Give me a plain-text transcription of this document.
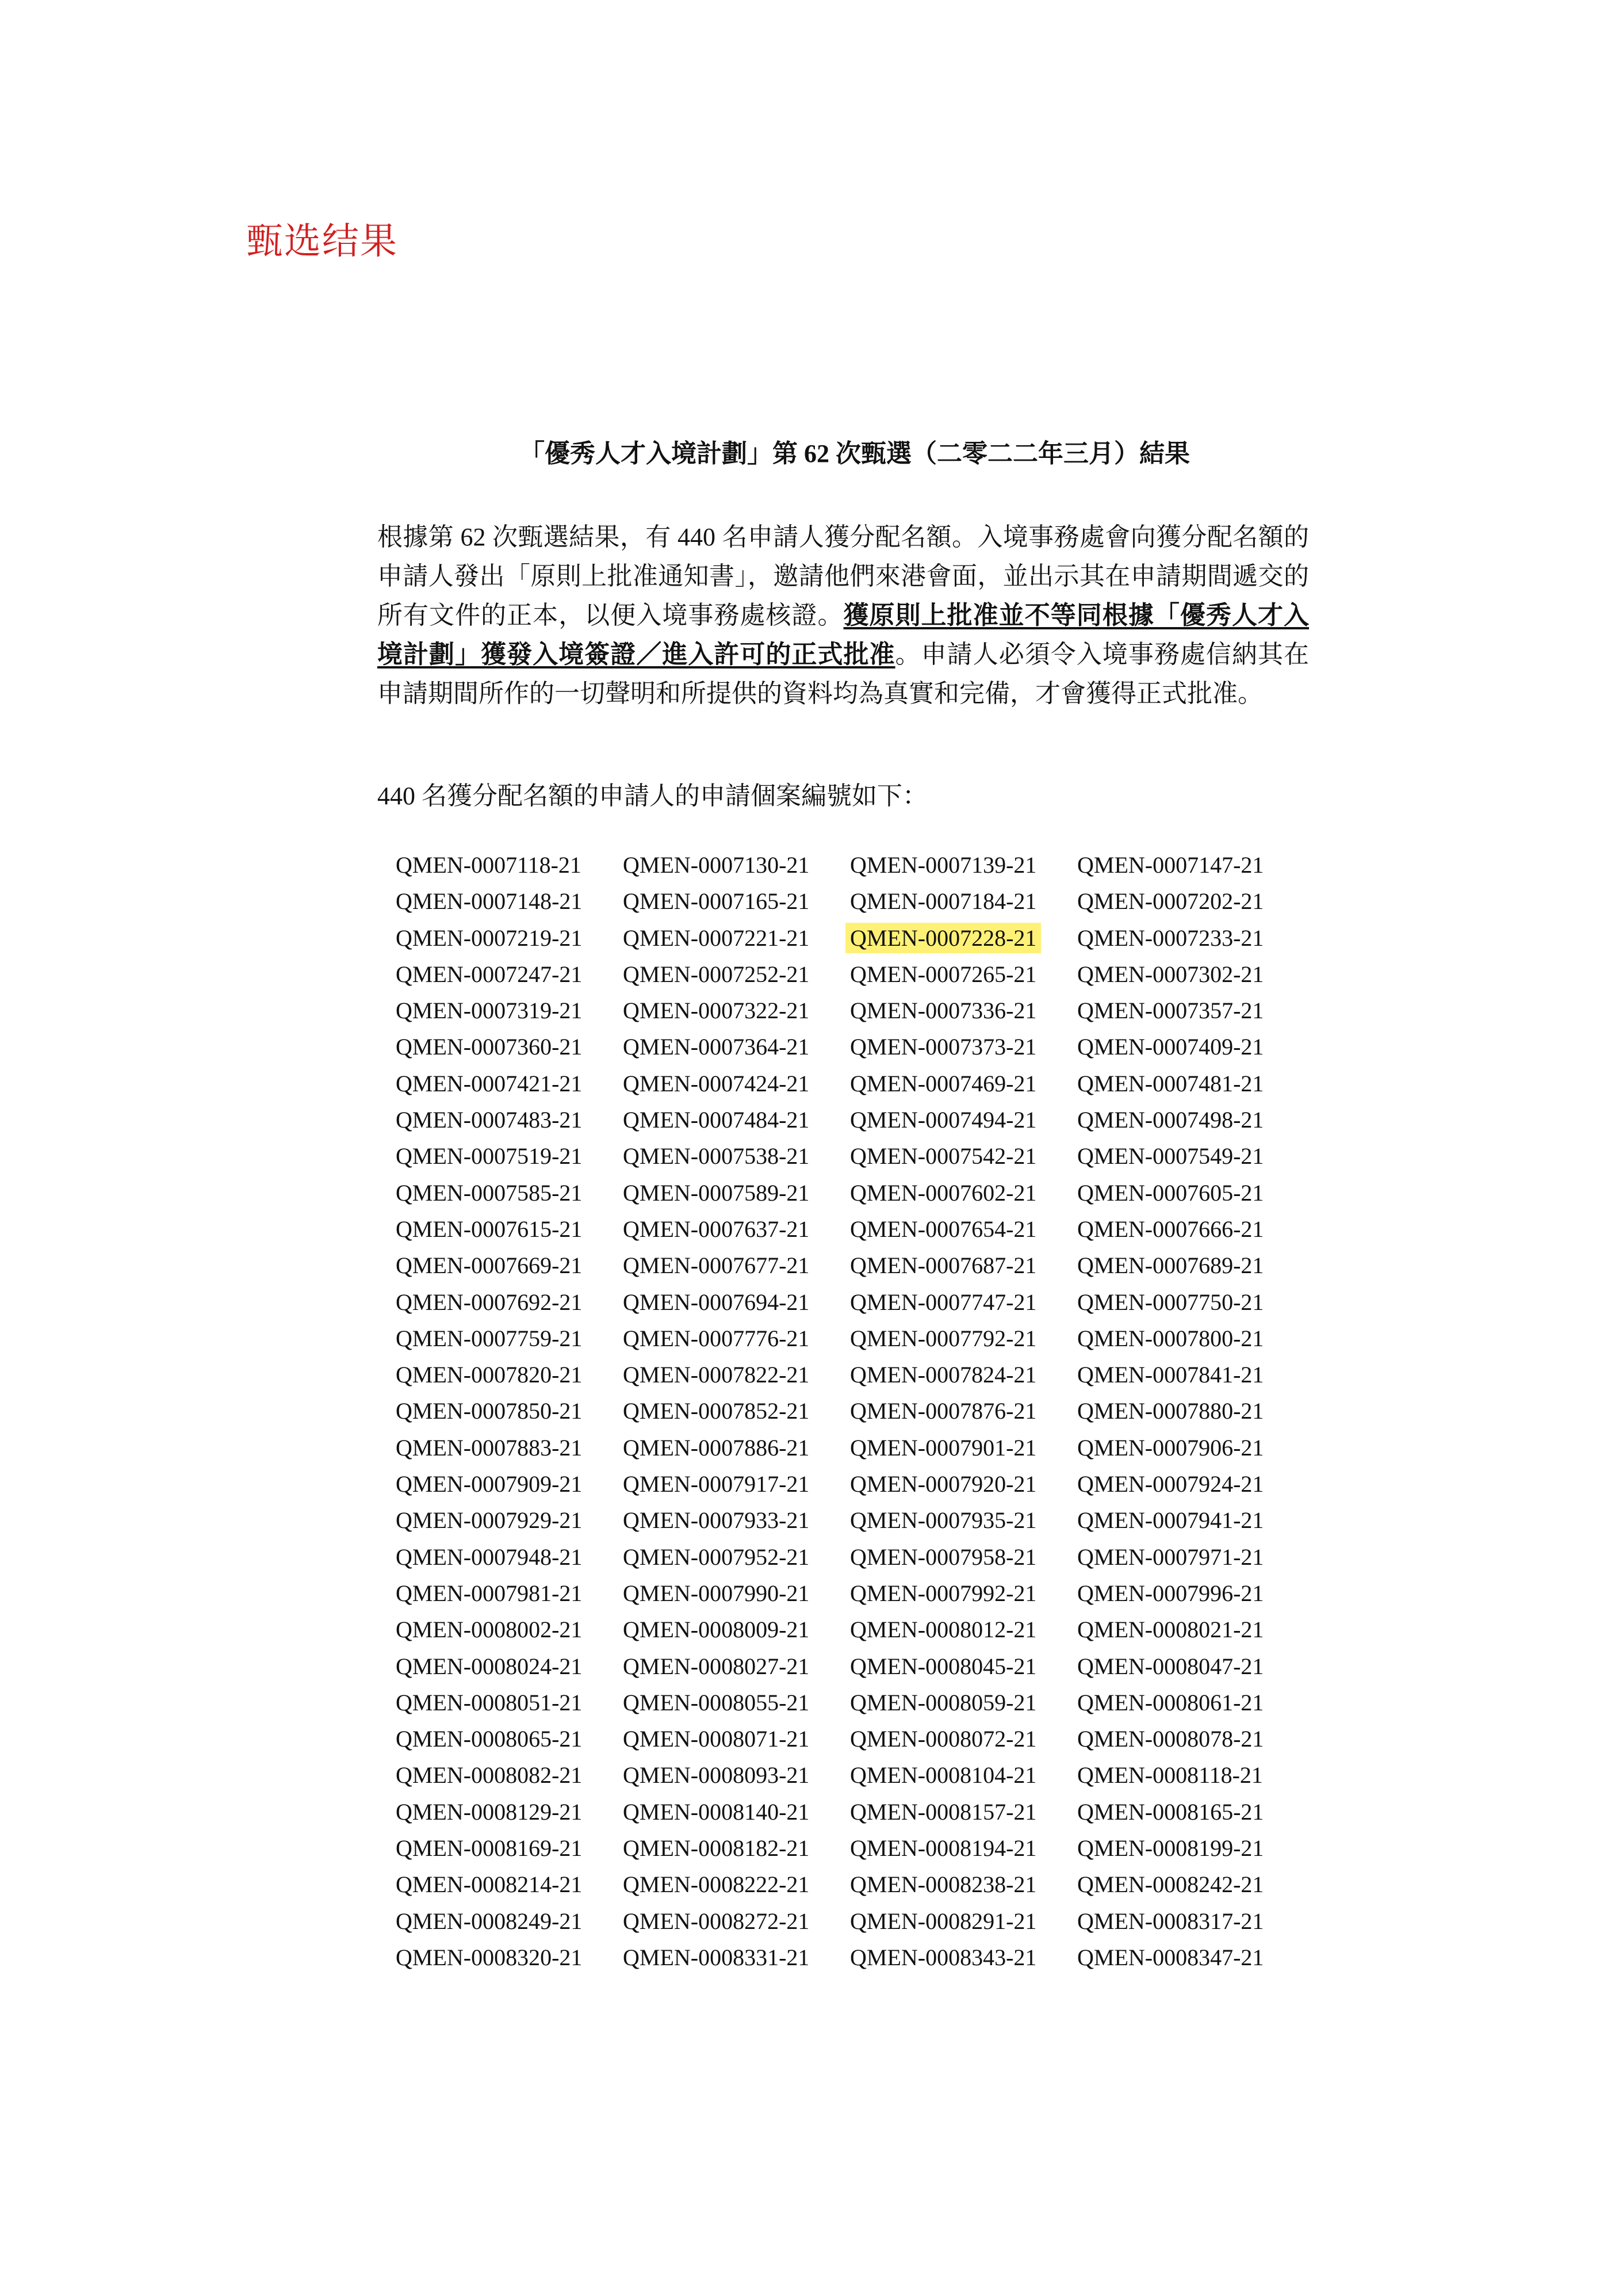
甄选结果
「優秀人才入境計劃」第 62 次甄選（二零二二年三月）結果
根據第 62 次甄選結果，有 440 名申請人獲分配名額。入境事務處會向獲分配名額的申請人發出「原則上批准通知書」，邀請他們來港會面，並出示其在申請期間遞交的所有文件的正本，以便入境事務處核證。獲原則上批准並不等同根據「優秀人才入境計劃」獲發入境簽證／進入許可的正式批准。申請人必須令入境事務處信納其在申請期間所作的一切聲明和所提供的資料均為真實和完備，才會獲得正式批准。
440 名獲分配名額的申請人的申請個案編號如下：
QMEN-0007118-21	QMEN-0007130-21	QMEN-0007139-21	QMEN-0007147-21
QMEN-0007148-21	QMEN-0007165-21	QMEN-0007184-21	QMEN-0007202-21
QMEN-0007219-21	QMEN-0007221-21	QMEN-0007228-21	QMEN-0007233-21
QMEN-0007247-21	QMEN-0007252-21	QMEN-0007265-21	QMEN-0007302-21
QMEN-0007319-21	QMEN-0007322-21	QMEN-0007336-21	QMEN-0007357-21
QMEN-0007360-21	QMEN-0007364-21	QMEN-0007373-21	QMEN-0007409-21
QMEN-0007421-21	QMEN-0007424-21	QMEN-0007469-21	QMEN-0007481-21
QMEN-0007483-21	QMEN-0007484-21	QMEN-0007494-21	QMEN-0007498-21
QMEN-0007519-21	QMEN-0007538-21	QMEN-0007542-21	QMEN-0007549-21
QMEN-0007585-21	QMEN-0007589-21	QMEN-0007602-21	QMEN-0007605-21
QMEN-0007615-21	QMEN-0007637-21	QMEN-0007654-21	QMEN-0007666-21
QMEN-0007669-21	QMEN-0007677-21	QMEN-0007687-21	QMEN-0007689-21
QMEN-0007692-21	QMEN-0007694-21	QMEN-0007747-21	QMEN-0007750-21
QMEN-0007759-21	QMEN-0007776-21	QMEN-0007792-21	QMEN-0007800-21
QMEN-0007820-21	QMEN-0007822-21	QMEN-0007824-21	QMEN-0007841-21
QMEN-0007850-21	QMEN-0007852-21	QMEN-0007876-21	QMEN-0007880-21
QMEN-0007883-21	QMEN-0007886-21	QMEN-0007901-21	QMEN-0007906-21
QMEN-0007909-21	QMEN-0007917-21	QMEN-0007920-21	QMEN-0007924-21
QMEN-0007929-21	QMEN-0007933-21	QMEN-0007935-21	QMEN-0007941-21
QMEN-0007948-21	QMEN-0007952-21	QMEN-0007958-21	QMEN-0007971-21
QMEN-0007981-21	QMEN-0007990-21	QMEN-0007992-21	QMEN-0007996-21
QMEN-0008002-21	QMEN-0008009-21	QMEN-0008012-21	QMEN-0008021-21
QMEN-0008024-21	QMEN-0008027-21	QMEN-0008045-21	QMEN-0008047-21
QMEN-0008051-21	QMEN-0008055-21	QMEN-0008059-21	QMEN-0008061-21
QMEN-0008065-21	QMEN-0008071-21	QMEN-0008072-21	QMEN-0008078-21
QMEN-0008082-21	QMEN-0008093-21	QMEN-0008104-21	QMEN-0008118-21
QMEN-0008129-21	QMEN-0008140-21	QMEN-0008157-21	QMEN-0008165-21
QMEN-0008169-21	QMEN-0008182-21	QMEN-0008194-21	QMEN-0008199-21
QMEN-0008214-21	QMEN-0008222-21	QMEN-0008238-21	QMEN-0008242-21
QMEN-0008249-21	QMEN-0008272-21	QMEN-0008291-21	QMEN-0008317-21
QMEN-0008320-21	QMEN-0008331-21	QMEN-0008343-21	QMEN-0008347-21
